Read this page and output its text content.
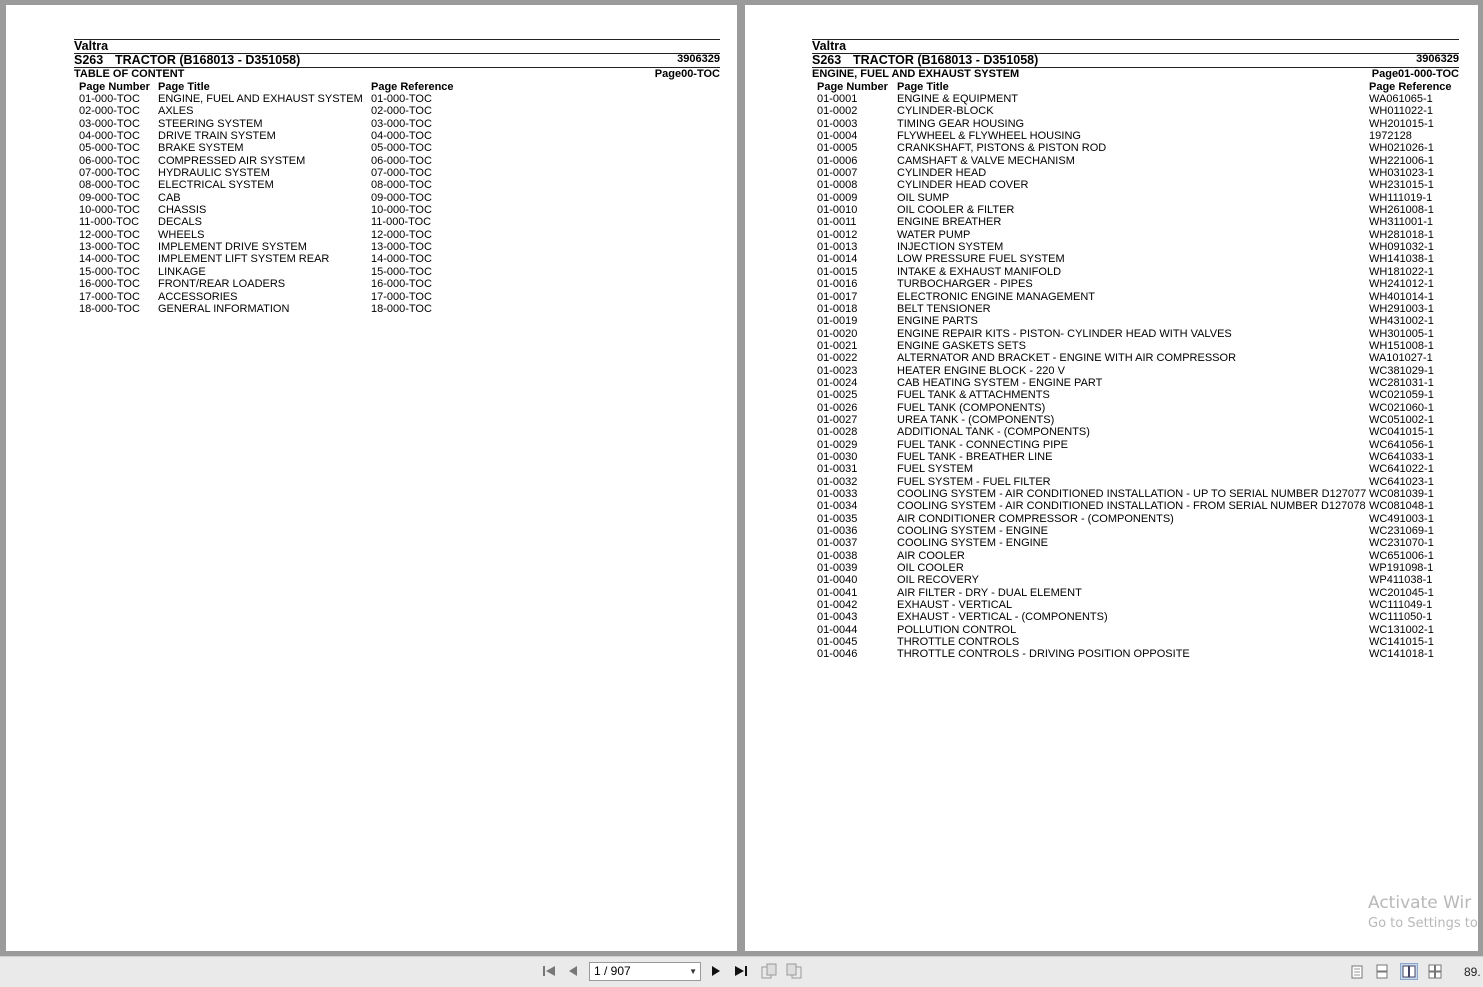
Valtra
S263 TRACTOR (B168013 - D351058)	3906329
TABLE OF CONTENT	Page00-TOC
Page Number Page Title	Page Reference
01-000-TOC ENGINE, FUEL AND EXHAUST SYSTEM 01-000-TOC
02-000-TOC AXLES	02-000-TOC
03-000-TOC STEERING SYSTEM	03-000-TOC
04-000-TOC DRIVE TRAIN SYSTEM	04-000-TOC
05-000-TOC BRAKE SYSTEM	05-000-TOC
06-000-TOC COMPRESSED AIR SYSTEM	06-000-TOC
07-000-TOC HYDRAULIC SYSTEM	07-000-TOC
08-000-TOC ELECTRICAL SYSTEM	08-000-TOC
09-000-TOC CAB	09-000-TOC
10-000-TOC CHASSIS	10-000-TOC
11-000-TOC DECALS	11-000-TOC
12-000-TOC WHEELS	12-000-TOC
13-000-TOC IMPLEMENT DRIVE SYSTEM	13-000-TOC
14-000-TOC IMPLEMENT LIFT SYSTEM REAR	14-000-TOC
15-000-TOC LINKAGE	15-000-TOC
16-000-TOC FRONT/REAR LOADERS	16-000-TOC
17-000-TOC ACCESSORIES	17-000-TOC
18-000-TOC GENERAL INFORMATION	18-000-TOC
Valtra
S263 TRACTOR (B168013 - D351058)	3906329
ENGINE, FUEL AND EXHAUST SYSTEM	Page01-000-TOC
Page Number Page Title	Page Reference
01-0001	ENGINE & EQUIPMENT	WA061065-1
01-0002	CYLINDER-BLOCK	WH011022-1
01-0003	TIMING GEAR HOUSING	WH201015-1
01-0004	FLYWHEEL & FLYWHEEL HOUSING	1972128
01-0005	CRANKSHAFT, PISTONS & PISTON ROD	WH021026-1
01-0006	CAMSHAFT & VALVE MECHANISM	WH221006-1
01-0007	CYLINDER HEAD	WH031023-1
01-0008	CYLINDER HEAD COVER	WH231015-1
01-0009	OIL SUMP	WH111019-1
01-0010	OIL COOLER & FILTER	WH261008-1
01-0011	ENGINE BREATHER	WH311001-1
01-0012	WATER PUMP	WH281018-1
01-0013	INJECTION SYSTEM	WH091032-1
01-0014	LOW PRESSURE FUEL SYSTEM	WH141038-1
01-0015	INTAKE & EXHAUST MANIFOLD	WH181022-1
01-0016	TURBOCHARGER - PIPES	WH241012-1
01-0017	ELECTRONIC ENGINE MANAGEMENT	WH401014-1
01-0018	BELT TENSIONER	WH291003-1
01-0019	ENGINE PARTS	WH431002-1
01-0020	ENGINE REPAIR KITS - PISTON- CYLINDER HEAD WITH VALVES	WH301005-1
01-0021	ENGINE GASKETS SETS	WH151008-1
01-0022	ALTERNATOR AND BRACKET - ENGINE WITH AIR COMPRESSOR	WA101027-1
01-0023	HEATER ENGINE BLOCK - 220 V	WC381029-1
01-0024	CAB HEATING SYSTEM - ENGINE PART	WC281031-1
01-0025	FUEL TANK & ATTACHMENTS	WC021059-1
01-0026	FUEL TANK (COMPONENTS)	WC021060-1
01-0027	UREA TANK - (COMPONENTS)	WC051002-1
01-0028	ADDITIONAL TANK - (COMPONENTS)	WC041015-1
01-0029	FUEL TANK - CONNECTING PIPE	WC641056-1
01-0030	FUEL TANK - BREATHER LINE	WC641033-1
01-0031	FUEL SYSTEM	WC641022-1
01-0032	FUEL SYSTEM - FUEL FILTER	WC641023-1
01-0033	COOLING SYSTEM - AIR CONDITIONED INSTALLATION - UP TO SERIAL NUMBER D127077 WC081039-1
01-0034	COOLING SYSTEM - AIR CONDITIONED INSTALLATION - FROM SERIAL NUMBER D127078 WC081048-1
01-0035	AIR CONDITIONER COMPRESSOR - (COMPONENTS)	WC491003-1
01-0036	COOLING SYSTEM - ENGINE	WC231069-1
01-0037	COOLING SYSTEM - ENGINE	WC231070-1
01-0038	AIR COOLER	WC651006-1
01-0039	OIL COOLER	WP191098-1
01-0040	OIL RECOVERY	WP411038-1
01-0041	AIR FILTER - DRY - DUAL ELEMENT	WC201045-1
01-0042	EXHAUST - VERTICAL	WC111049-1
01-0043	EXHAUST - VERTICAL - (COMPONENTS)	WC111050-1
01-0044	POLLUTION CONTROL	WC131002-1
01-0045	THROTTLE CONTROLS	WC141015-1
01-0046	THROTTLE CONTROLS - DRIVING POSITION OPPOSITE	WC141018-1
Activate Wir
Go to Settings to
1 / 907	▼	89.
